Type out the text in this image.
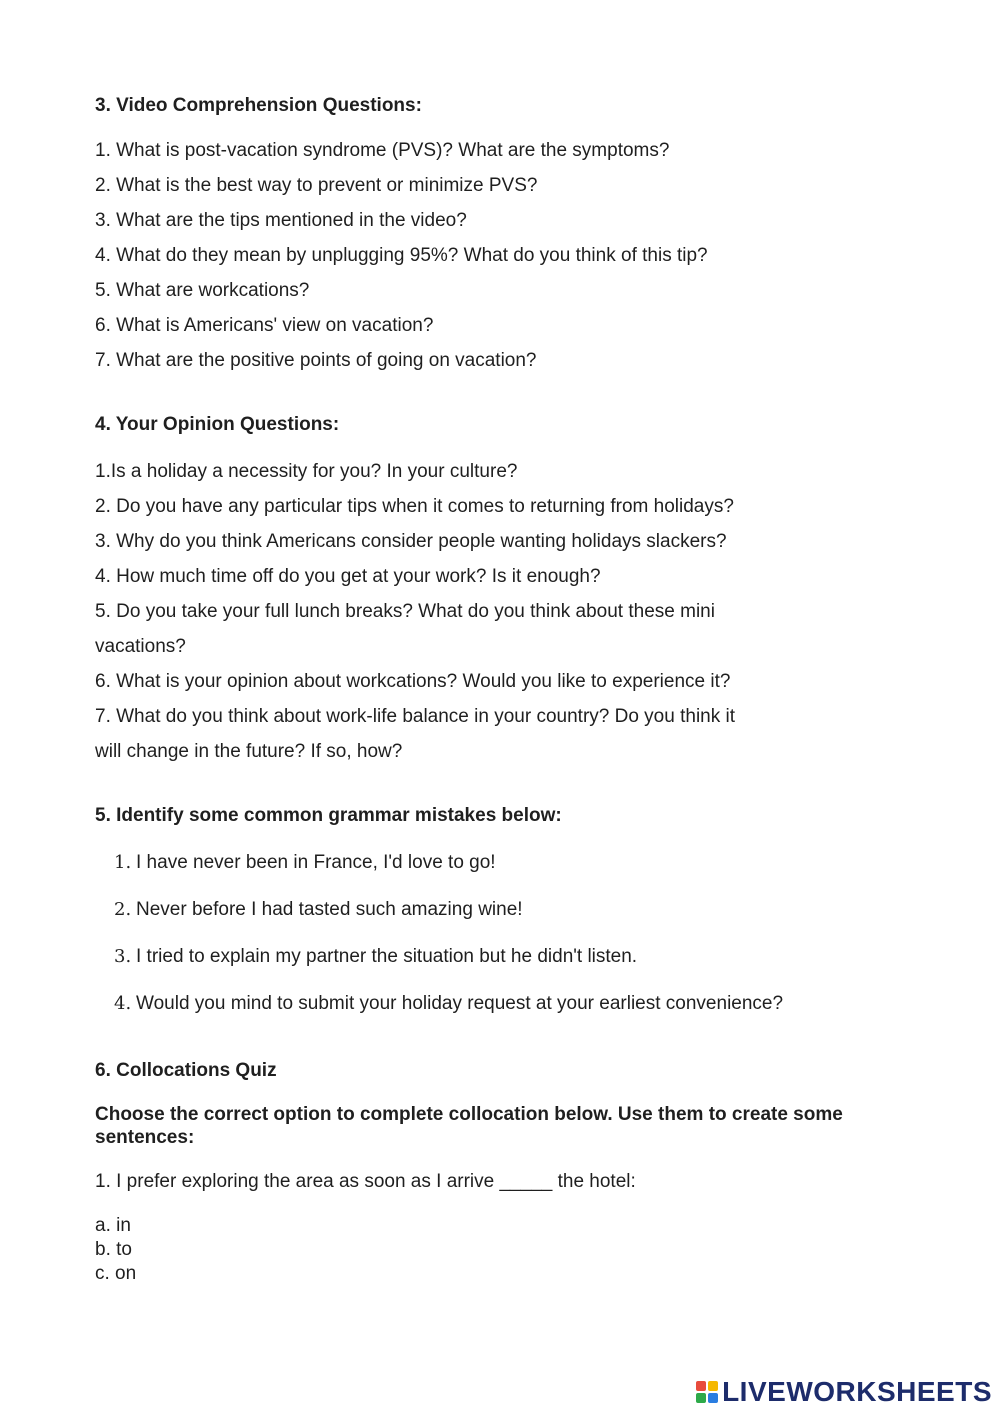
3. Video Comprehension Questions:
1. What is post-vacation syndrome (PVS)? What are the symptoms?
2. What is the best way to prevent or minimize PVS?
3. What are the tips mentioned in the video?
4. What do they mean by unplugging 95%? What do you think of this tip?
5. What are workcations?
6. What is Americans' view on vacation?
7. What are the positive points of going on vacation?
4. Your Opinion Questions:
1.Is a holiday a necessity for you? In your culture?
2. Do you have any particular tips when it comes to returning from holidays?
3. Why do you think Americans consider people wanting holidays slackers?
4. How much time off do you get at your work? Is it enough?
5. Do you take your full lunch breaks? What do you think about these mini
vacations?
6. What is your opinion about workcations? Would you like to experience it?
7. What do you think about work-life balance in your country? Do you think it
will change in the future? If so, how?
5. Identify some common grammar mistakes below:
1. I have never been in France, I'd love to go!
2. Never before I had tasted such amazing wine!
3. I tried to explain my partner the situation but he didn't listen.
4. Would you mind to submit your holiday request at your earliest convenience?
6. Collocations Quiz
Choose the correct option to complete collocation below. Use them to create some
sentences:
1. I prefer exploring the area as soon as I arrive _____ the hotel:
a. in
b. to
c. on
LIVEWORKSHEETS
